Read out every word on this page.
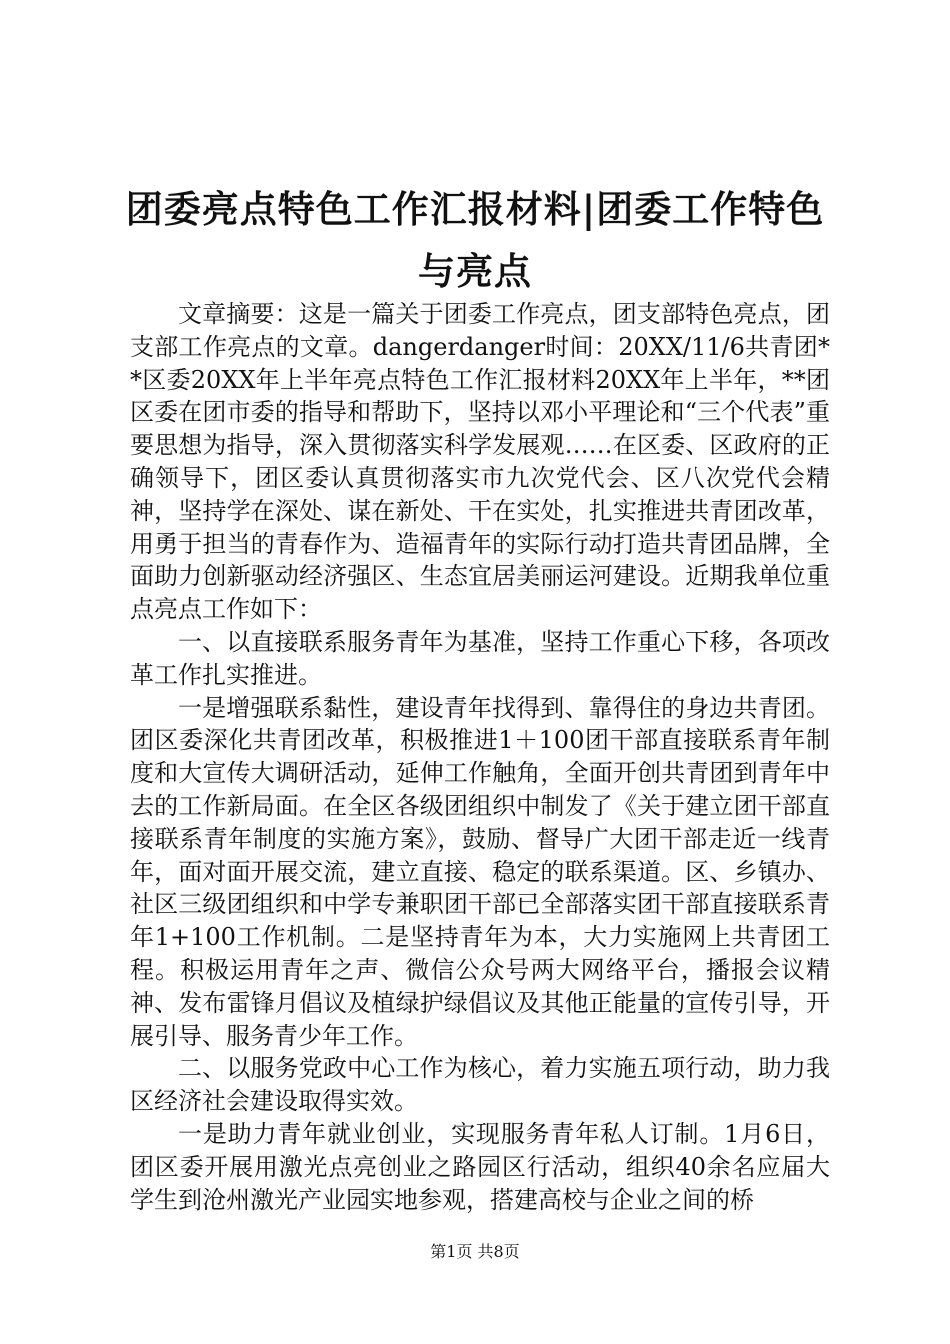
团委亮点特色工作汇报材料|团委工作特色与亮点

文章摘要：这是一篇关于团委工作亮点，团支部特色亮点，团支部工作亮点的文章。dangerdanger时间：20XX/11/6共青团**区委20XX年上半年亮点特色工作汇报材料20XX年上半年，**团区委在团市委的指导和帮助下，坚持以邓小平理论和“三个代表”重要思想为指导，深入贯彻落实科学发展观……在区委、区政府的正确领导下，团区委认真贯彻落实市九次党代会、区八次党代会精神，坚持学在深处、谋在新处、干在实处，扎实推进共青团改革，用勇于担当的青春作为、造福青年的实际行动打造共青团品牌，全面助力创新驱动经济强区、生态宜居美丽运河建设。近期我单位重点亮点工作如下：

一、以直接联系服务青年为基准，坚持工作重心下移，各项改革工作扎实推进。

一是增强联系黏性，建设青年找得到、靠得住的身边共青团。团区委深化共青团改革，积极推进1＋100团干部直接联系青年制度和大宣传大调研活动，延伸工作触角，全面开创共青团到青年中去的工作新局面。在全区各级团组织中制发了《关于建立团干部直接联系青年制度的实施方案》，鼓励、督导广大团干部走近一线青年，面对面开展交流，建立直接、稳定的联系渠道。区、乡镇办、社区三级团组织和中学专兼职团干部已全部落实团干部直接联系青年1+100工作机制。二是坚持青年为本，大力实施网上共青团工程。积极运用青年之声、微信公众号两大网络平台，播报会议精神、发布雷锋月倡议及植绿护绿倡议及其他正能量的宣传引导，开展引导、服务青少年工作。

二、以服务党政中心工作为核心，着力实施五项行动，助力我区经济社会建设取得实效。

一是助力青年就业创业，实现服务青年私人订制。1月6日，团区委开展用激光点亮创业之路园区行活动，组织40余名应届大学生到沧州激光产业园实地参观，搭建高校与企业之间的桥

第1页 共8页
